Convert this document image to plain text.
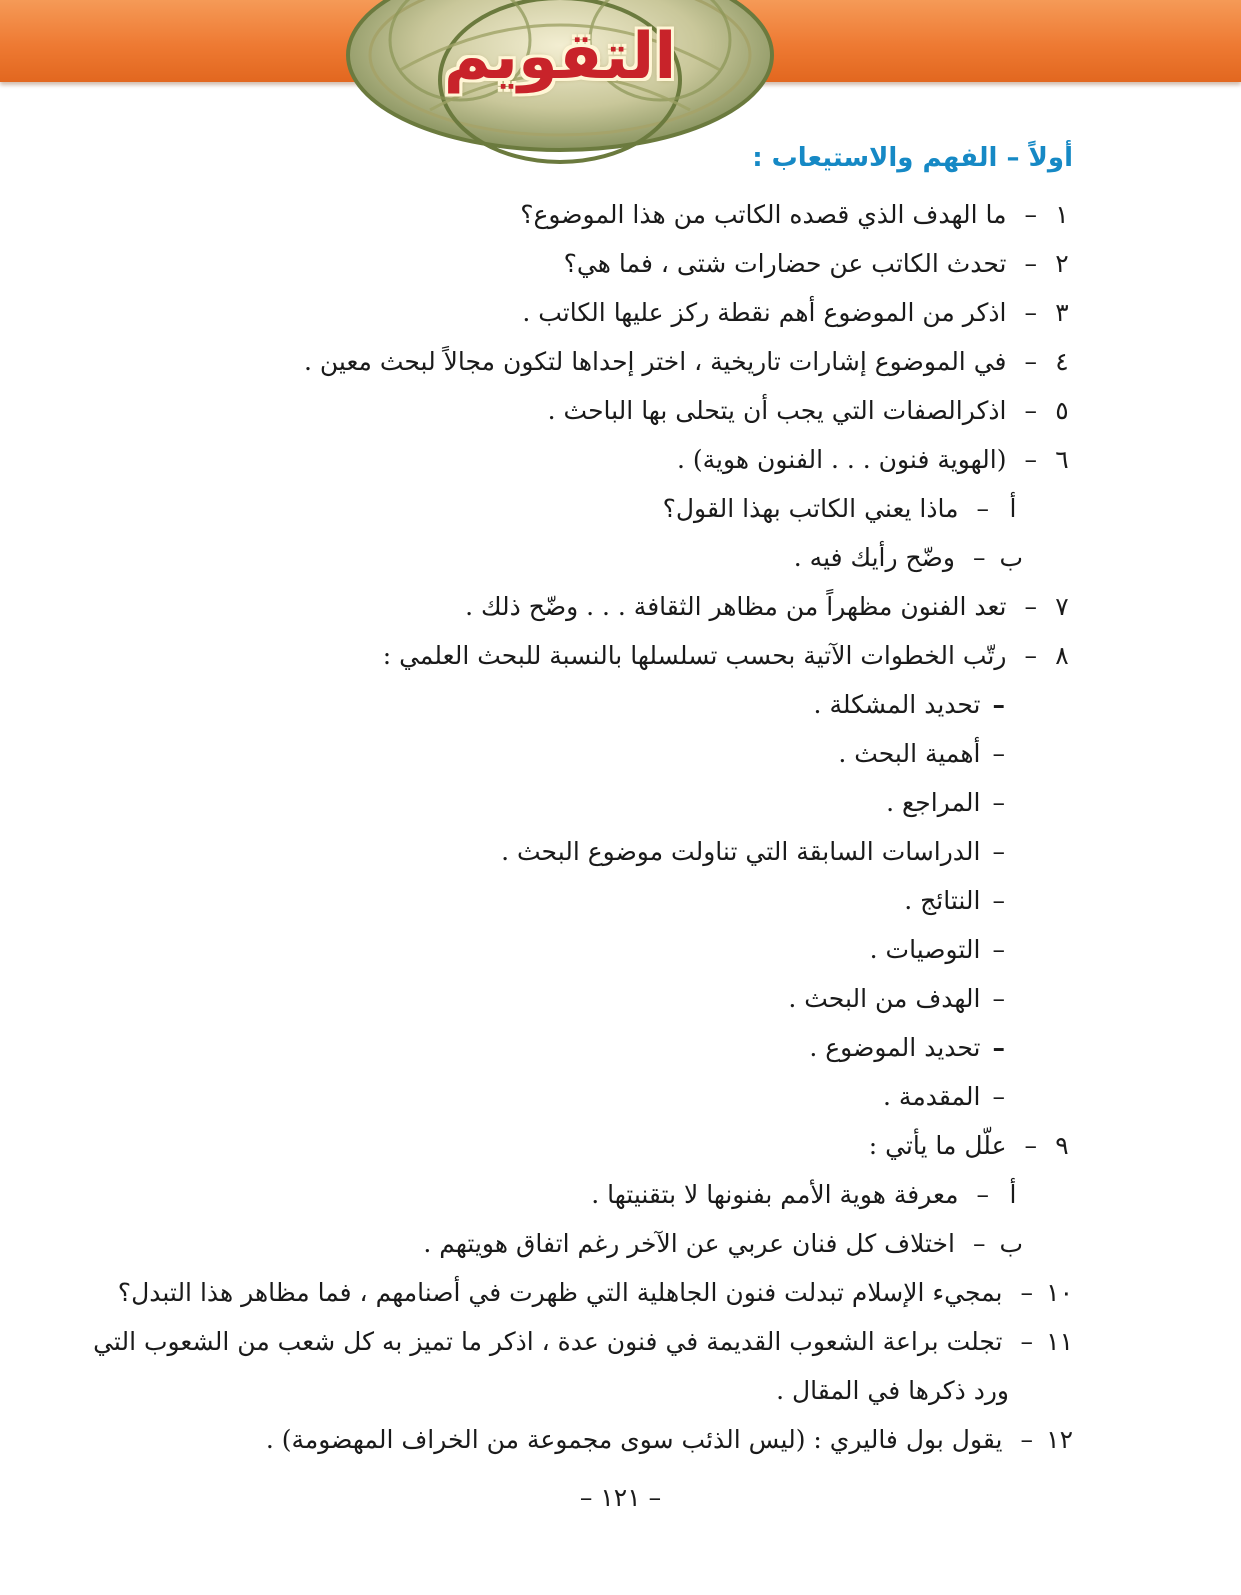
التقويم
أولاً – الفهم والاستيعاب :
١
–
ما الهدف الذي قصده الكاتب من هذا الموضوع؟
٢
–
تحدث الكاتب عن حضارات شتى ، فما هي؟
٣
–
اذكر من الموضوع أهم نقطة ركز عليها الكاتب .
٤
–
في الموضوع إشارات تاريخية ، اختر إحداها لتكون مجالاً لبحث معين .
٥
–
اذكرالصفات التي يجب أن يتحلى بها الباحث .
٦
–
(الهوية فنون . . . الفنون هوية) .
أ
–
ماذا يعني الكاتب بهذا القول؟
ب
–
وضّح رأيك فيه .
٧
–
تعد الفنون مظهراً من مظاهر الثقافة . . . وضّح ذلك .
٨
–
رتّب الخطوات الآتية بحسب تسلسلها بالنسبة للبحث العلمي :
–
تحديد المشكلة .
–
أهمية البحث .
–
المراجع .
–
الدراسات السابقة التي تناولت موضوع البحث .
–
النتائج .
–
التوصيات .
–
الهدف من البحث .
–
تحديد الموضوع .
–
المقدمة .
٩
–
علّل ما يأتي :
أ
–
معرفة هوية الأمم بفنونها لا بتقنيتها .
ب
–
اختلاف كل فنان عربي عن الآخر رغم اتفاق هويتهم .
١٠
–
بمجيء الإسلام تبدلت فنون الجاهلية التي ظهرت في أصنامهم ، فما مظاهر هذا التبدل؟
١١
–
تجلت براعة الشعوب القديمة في فنون عدة ، اذكر ما تميز به كل شعب من الشعوب التي
ورد ذكرها في المقال .
١٢
–
يقول بول فاليري : (ليس الذئب سوى مجموعة من الخراف المهضومة) .
– ١٢١ –
